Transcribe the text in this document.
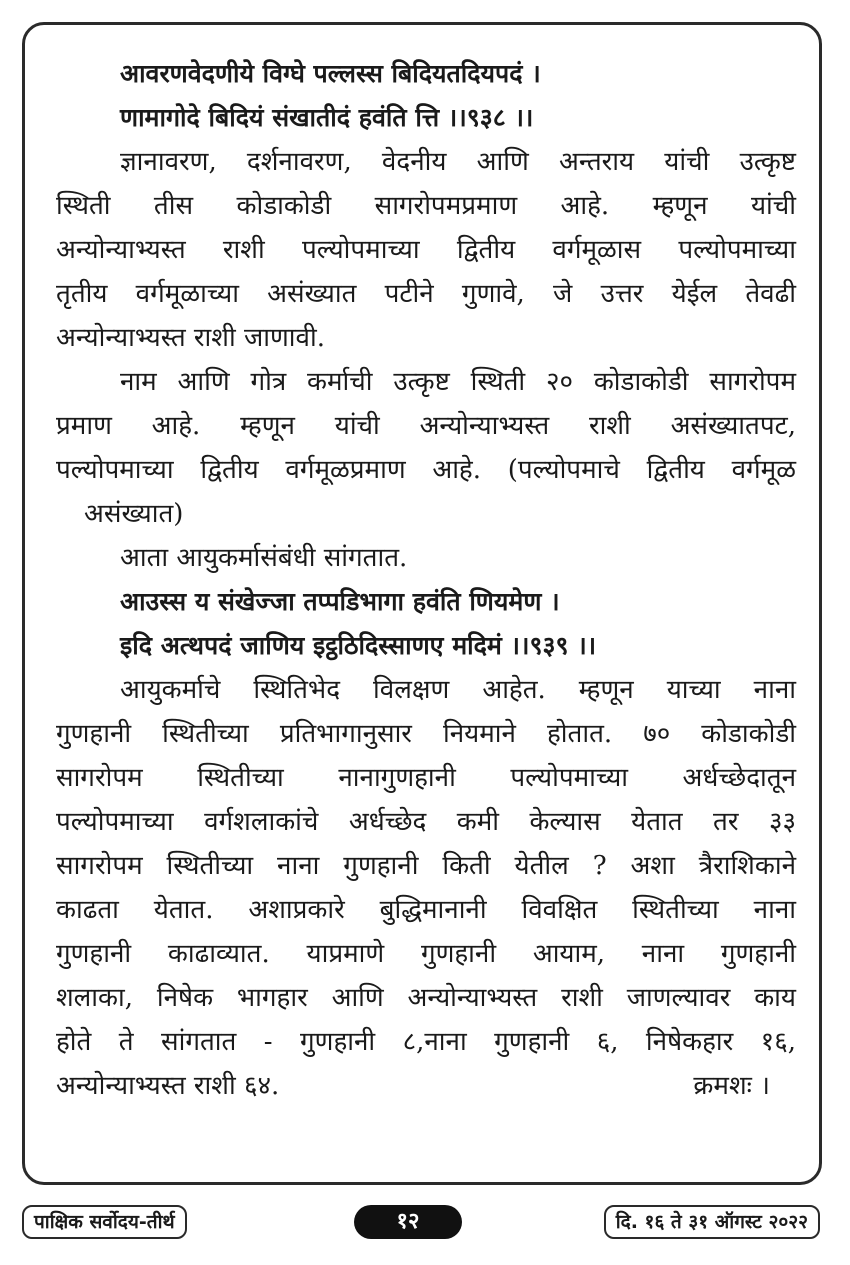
आवरणवेदणीये विग्घे पल्लस्स बिदियतदियपदं ।
णामागोदे बिदियं संखातीदं हवंति त्ति ।।९३८ ।।
ज्ञानावरण, दर्शनावरण, वेदनीय आणि अन्तराय यांची उत्कृष्ट
स्थिती तीस कोडाकोडी सागरोपमप्रमाण आहे. म्हणून यांची
अन्योन्याभ्यस्त राशी पल्योपमाच्या द्वितीय वर्गमूळास पल्योपमाच्या
तृतीय वर्गमूळाच्या असंख्यात पटीने गुणावे, जे उत्तर येईल तेवढी
अन्योन्याभ्यस्त राशी जाणावी.
नाम आणि गोत्र कर्माची उत्कृष्ट स्थिती २० कोडाकोडी सागरोपम
प्रमाण आहे. म्हणून यांची अन्योन्याभ्यस्त राशी असंख्यातपट,
पल्योपमाच्या द्वितीय वर्गमूळप्रमाण आहे. (पल्योपमाचे द्वितीय वर्गमूळ
असंख्यात)
आता आयुकर्मासंबंधी सांगतात.
आउस्स य संखेज्जा तप्पडिभागा हवंति णियमेण ।
इदि अत्थपदं जाणिय इट्ठठिदिस्साणए मदिमं ।।९३९ ।।
आयुकर्माचे स्थितिभेद विलक्षण आहेत. म्हणून याच्या नाना
गुणहानी स्थितीच्या प्रतिभागानुसार नियमाने होतात. ७० कोडाकोडी
सागरोपम स्थितीच्या नानागुणहानी पल्योपमाच्या अर्धच्छेदातून
पल्योपमाच्या वर्गशलाकांचे अर्धच्छेद कमी केल्यास येतात तर ३३
सागरोपम स्थितीच्या नाना गुणहानी किती येतील ? अशा त्रैराशिकाने
काढता येतात. अशाप्रकारे बुद्धिमानानी विवक्षित स्थितीच्या नाना
गुणहानी काढाव्यात. याप्रमाणे गुणहानी आयाम, नाना गुणहानी
शलाका, निषेक भागहार आणि अन्योन्याभ्यस्त राशी जाणल्यावर काय
होते ते सांगतात - गुणहानी ८,नाना गुणहानी ६, निषेकहार १६,
अन्योन्याभ्यस्त राशी ६४.	क्रमशः ।
पाक्षिक सर्वोदय-तीर्थ	१२	दि. १६ ते ३१ ऑगस्ट २०२२
